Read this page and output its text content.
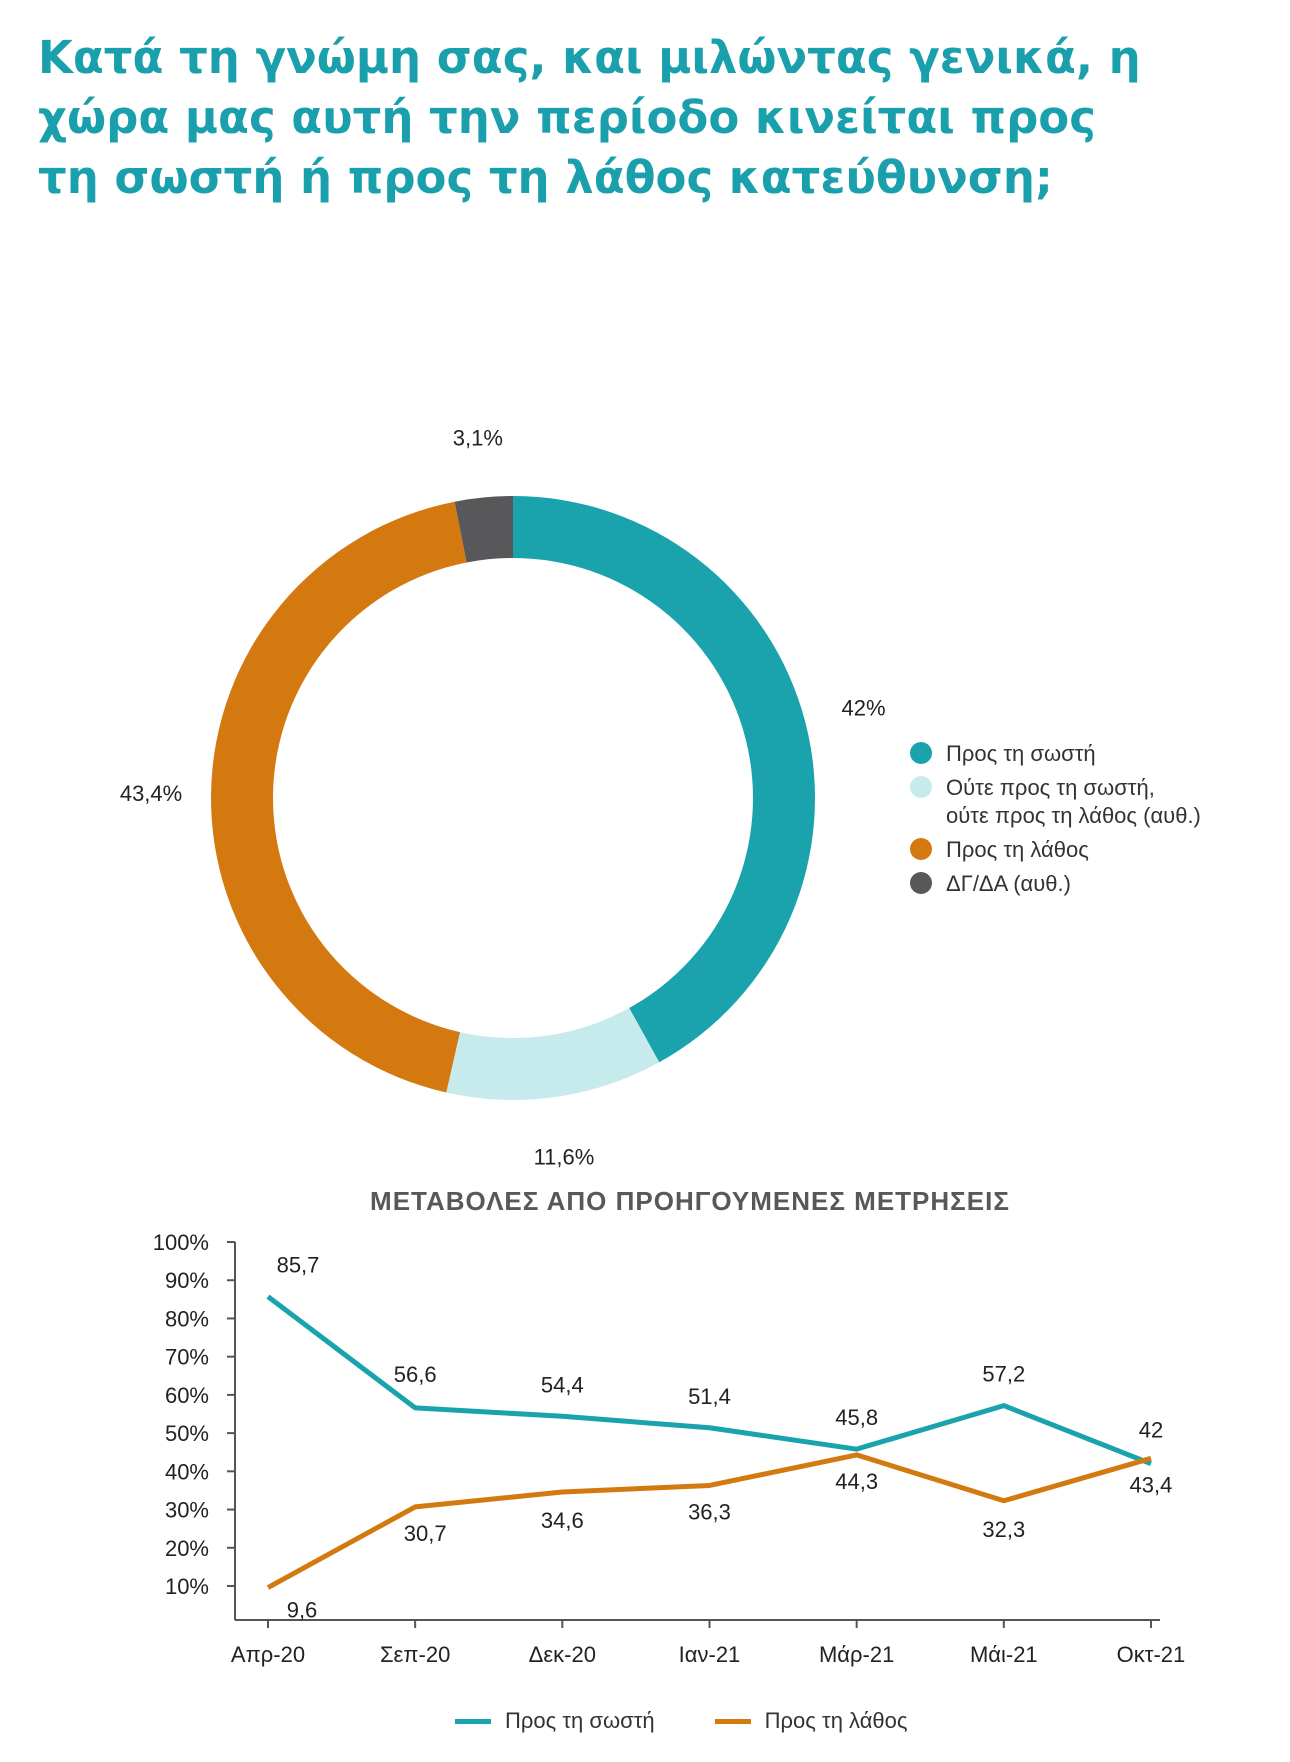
Κατά τη γνώμη σας, και μιλώντας γενικά, η
χώρα μας αυτή την περίοδο κινείται προς
τη σωστή ή προς τη λάθος κατεύθυνση;
42%
11,6%
43,4%
3,1%
Προς τη σωστή
Ούτε προς τη σωστή,
ούτε προς τη λάθος (αυθ.)
Προς τη λάθος
ΔΓ/ΔΑ (αυθ.)
ΜΕΤΑΒΟΛΕΣ ΑΠΟ ΠΡΟΗΓΟΥΜΕΝΕΣ ΜΕΤΡΗΣΕΙΣ
10%
20%
30%
40%
50%
60%
70%
80%
90%
100%
Απρ-20	Σεπ-20	Δεκ-20	Ιαν-21	Μάρ-21	Μάι-21	Οκτ-21
85,7
56,6	54,4	51,4
45,8
57,2
42
9,6
30,7
34,6	36,3
44,3
32,3
43,4
Προς τη σωστή	Προς τη λάθος
